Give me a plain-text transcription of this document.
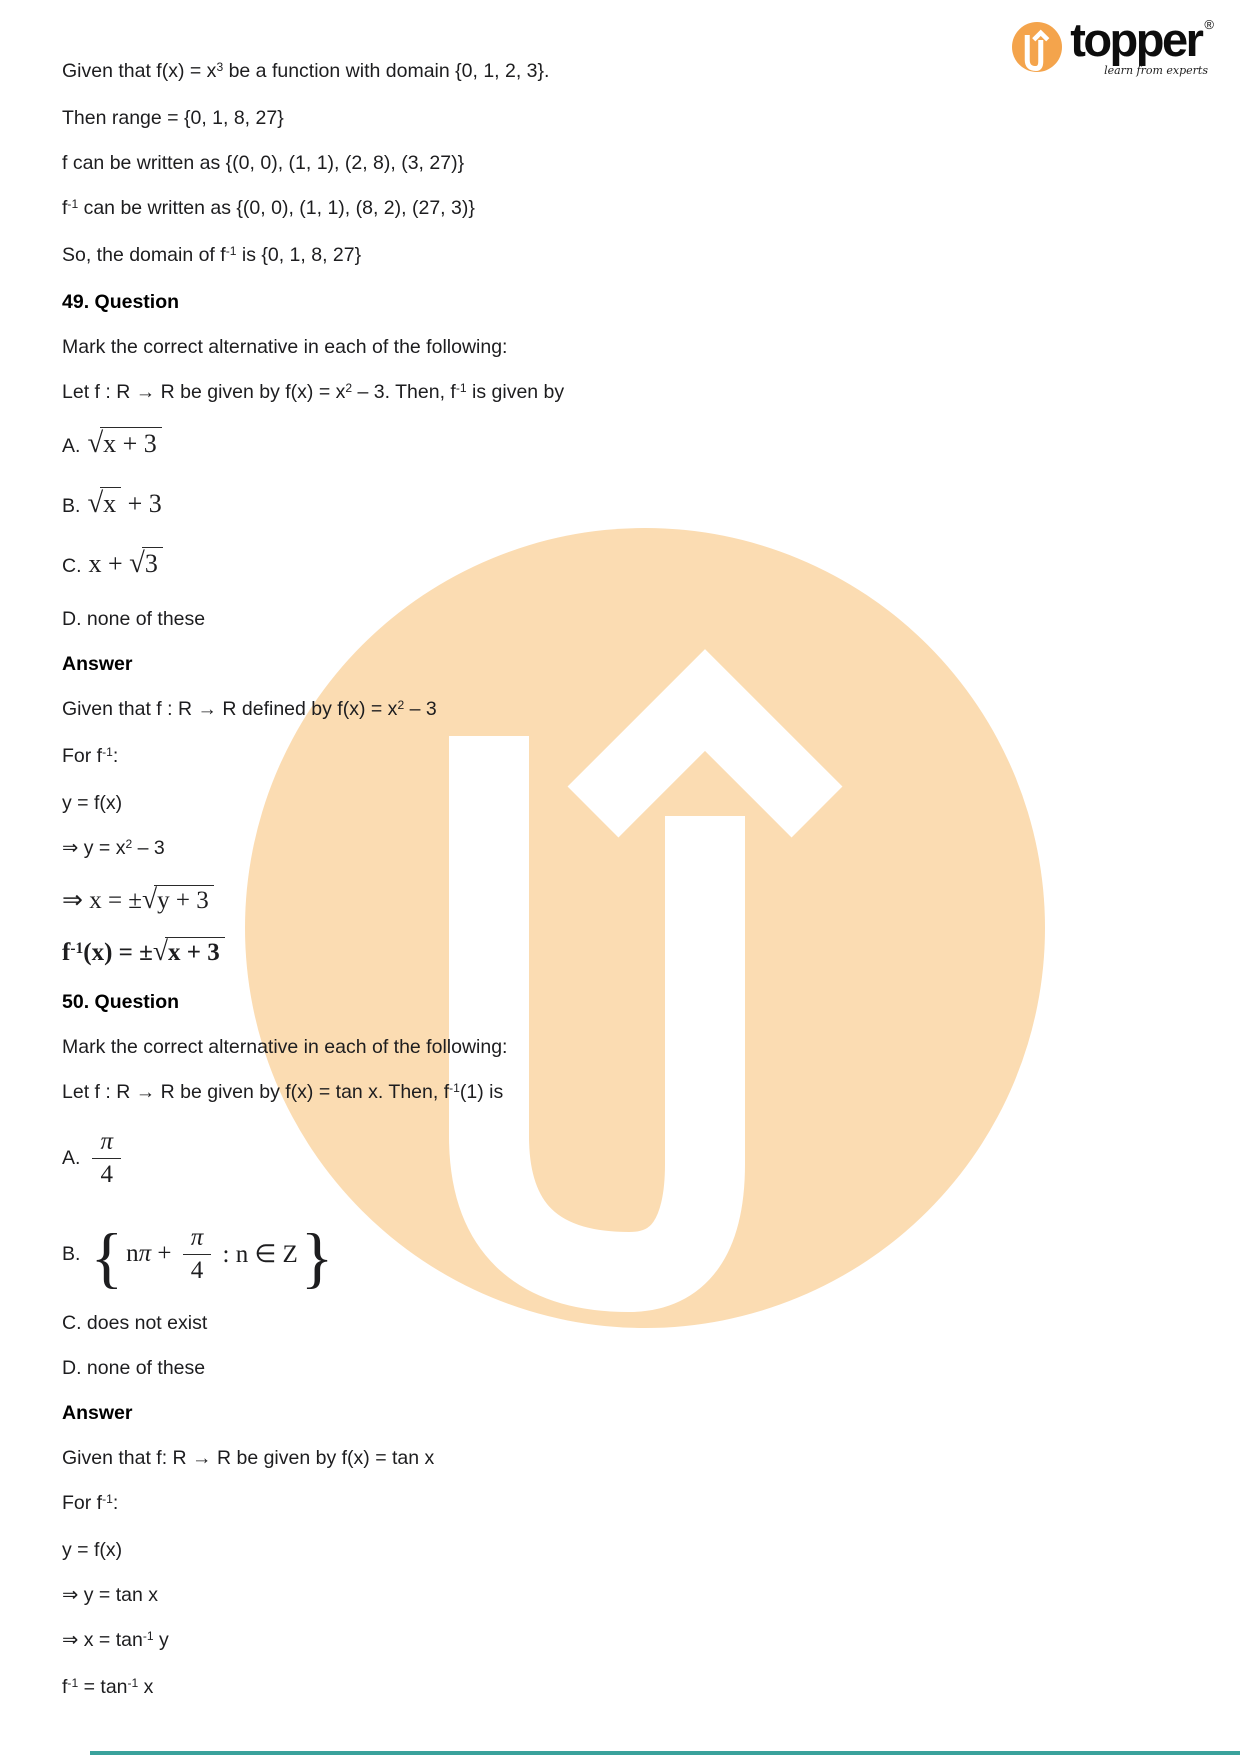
topper ®
learn from experts
Given that $f(x) = x^3$ be a function with domain {0, 1, 2, 3}.
Then range = {0, 1, 8, 27}
f can be written as {(0, 0), (1, 1), (2, 8), (3, 27)}
$f^{-1}$ can be written as {(0, 0), (1, 1), (8, 2), (27, 3)}
So, the domain of $f^{-1}$ is {0, 1, 8, 27}
49. Question
Mark the correct alternative in each of the following:
Let f : R → R be given by $f(x) = x^2 - 3$. Then, $f^{-1}$ is given by
A. √x + 3
B. √x + 3
C. x + √3
D. none of these
Answer
Given that f : R → R defined by $f(x) = x^2 - 3$
For $f^{-1}$:
y = f(x)
⇒ $y = x^2 - 3$
⇒ x = ±√y + 3
$f^{-1}(x) = \pm√x + 3$
50. Question
Mark the correct alternative in each of the following:
Let f : R → R be given by f(x) = tan x. Then, $f^{-1}(1)$ is
A. $\frac{\pi}{4}$
B. { n $\pi + \frac{\pi}{4}$ : n ∈ Z }
C. does not exist
D. none of these
Answer
Given that f: R → R be given by f(x) = tan x
For $f^{-1}$:
y = f(x)
⇒ y = tan x
⇒ $x = \tan^{-1} y$
$f^{-1} = \tan^{-1} x$
